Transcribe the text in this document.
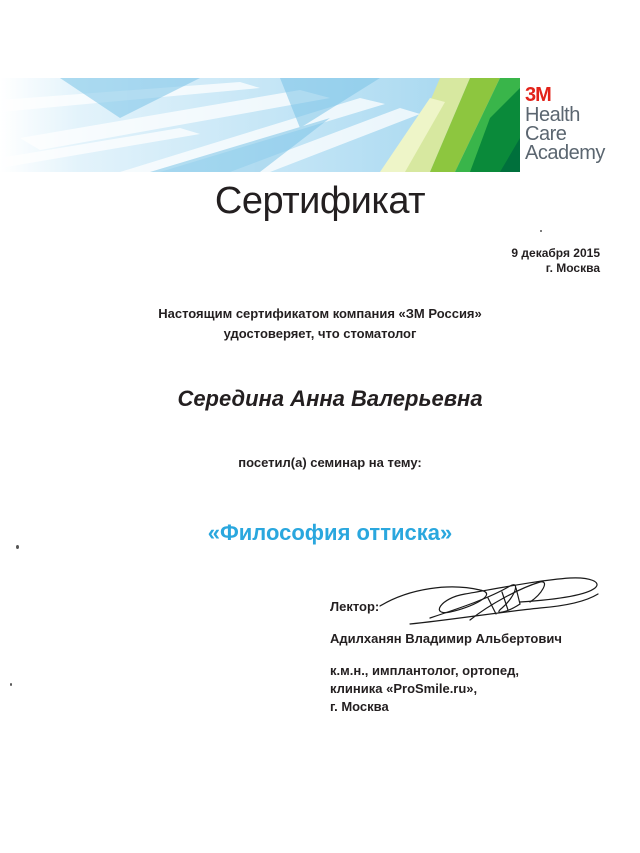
3M
Health
Care
Academy
Сертификат
9 декабря 2015
г. Москва
Настоящим сертификатом компания «ЗМ Россия»
удостоверяет, что стоматолог
Середина Анна Валерьевна
посетил(а) семинар на тему:
«Философия оттиска»
Лектор:
Адилханян Владимир Альбертович
к.м.н., имплантолог, ортопед,
клиника «ProSmile.ru»,
г. Москва
